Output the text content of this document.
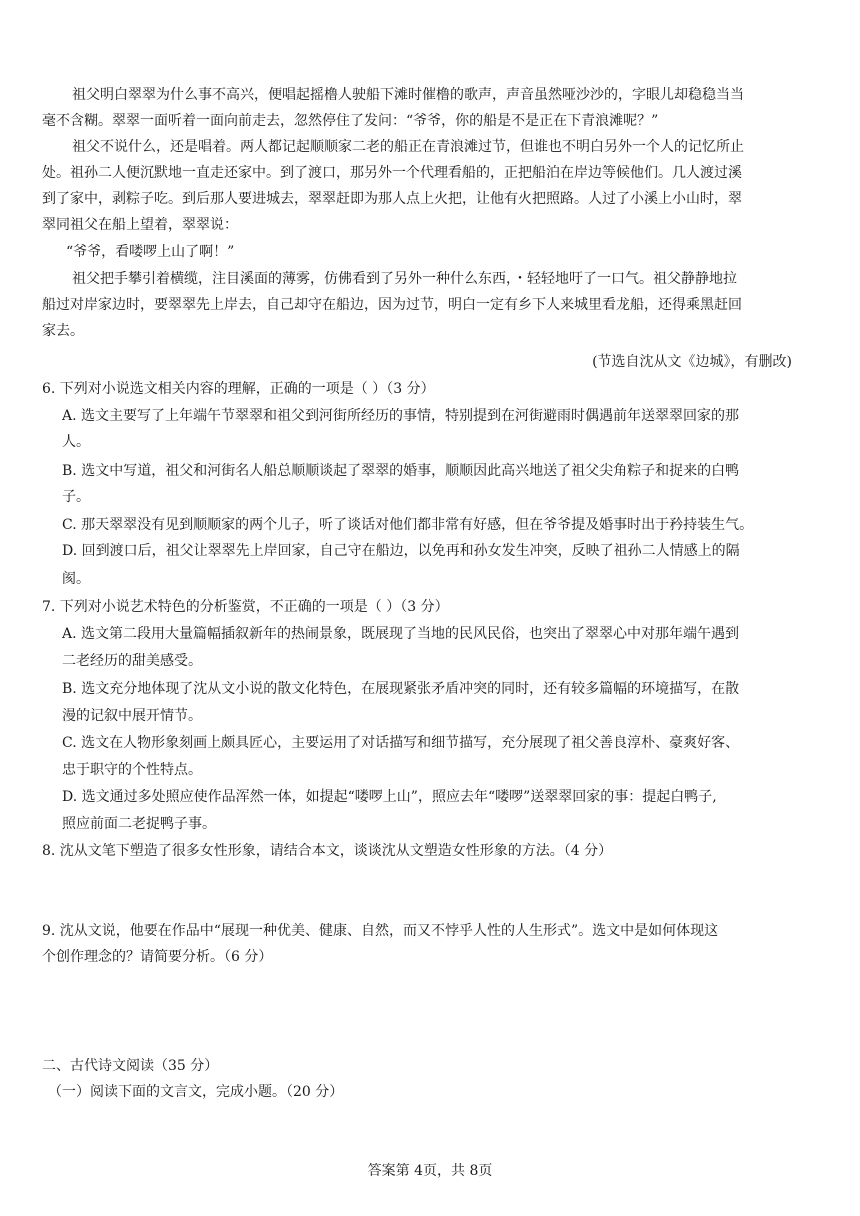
祖父明白翠翠为什么事不高兴，便唱起摇橹人驶船下滩时催橹的歌声，声音虽然哑沙沙的，字眼儿却稳稳当当
毫不含糊。翠翠一面听着一面向前走去，忽然停住了发问：“爷爷，你的船是不是正在下青浪滩呢？”
祖父不说什么，还是唱着。两人都记起顺顺家二老的船正在青浪滩过节，但谁也不明白另外一个人的记忆所止
处。祖孙二人便沉默地一直走还家中。到了渡口，那另外一个代理看船的，正把船泊在岸边等候他们。几人渡过溪
到了家中，剥粽子吃。到后那人要进城去，翠翠赶即为那人点上火把，让他有火把照路。人过了小溪上小山时，翠
翠同祖父在船上望着，翠翠说：
“爷爷，看喽啰上山了啊！”
祖父把手攀引着横缆，注目溪面的薄雾，仿佛看到了另外一种什么东西，・轻轻地吁了一口气。祖父静静地拉
船过对岸家边时，要翠翠先上岸去，自己却守在船边，因为过节，明白一定有乡下人来城里看龙船，还得乘黑赶回
家去。
(节选自沈从文《边城》，有删改)
6. 下列对小说选文相关内容的理解，正确的一项是（ ）（3 分）
A. 选文主要写了上年端午节翠翠和祖父到河街所经历的事情，特别提到在河街避雨时偶遇前年送翠翠回家的那
人。
B. 选文中写道，祖父和河街名人船总顺顺谈起了翠翠的婚事，顺顺因此高兴地送了祖父尖角粽子和捉来的白鸭
子。
C. 那天翠翠没有见到顺顺家的两个儿子，听了谈话对他们都非常有好感，但在爷爷提及婚事时出于矜持装生气。
D. 回到渡口后，祖父让翠翠先上岸回家，自己守在船边，以免再和孙女发生冲突，反映了祖孙二人情感上的隔
阂。
7. 下列对小说艺术特色的分析鉴赏，不正确的一项是（ ）（3 分）
A. 选文第二段用大量篇幅插叙新年的热闹景象，既展现了当地的民风民俗，也突出了翠翠心中对那年端午遇到
二老经历的甜美感受。
B. 选文充分地体现了沈从文小说的散文化特色，在展现紧张矛盾冲突的同时，还有较多篇幅的环境描写，在散
漫的记叙中展开情节。
C. 选文在人物形象刻画上颇具匠心，主要运用了对话描写和细节描写，充分展现了祖父善良淳朴、豪爽好客、
忠于职守的个性特点。
D. 选文通过多处照应使作品浑然一体，如提起“喽啰上山”，照应去年“喽啰”送翠翠回家的事：提起白鸭子,
照应前面二老捉鸭子事。
8. 沈从文笔下塑造了很多女性形象，请结合本文，谈谈沈从文塑造女性形象的方法。（4 分）
9. 沈从文说，他要在作品中“展现一种优美、健康、自然，而又不悖乎人性的人生形式”。选文中是如何体现这
个创作理念的？请简要分析。（6 分）
二、古代诗文阅读（35 分）
（一）阅读下面的文言文，完成小题。（20 分）
答案第 4页，共 8页
